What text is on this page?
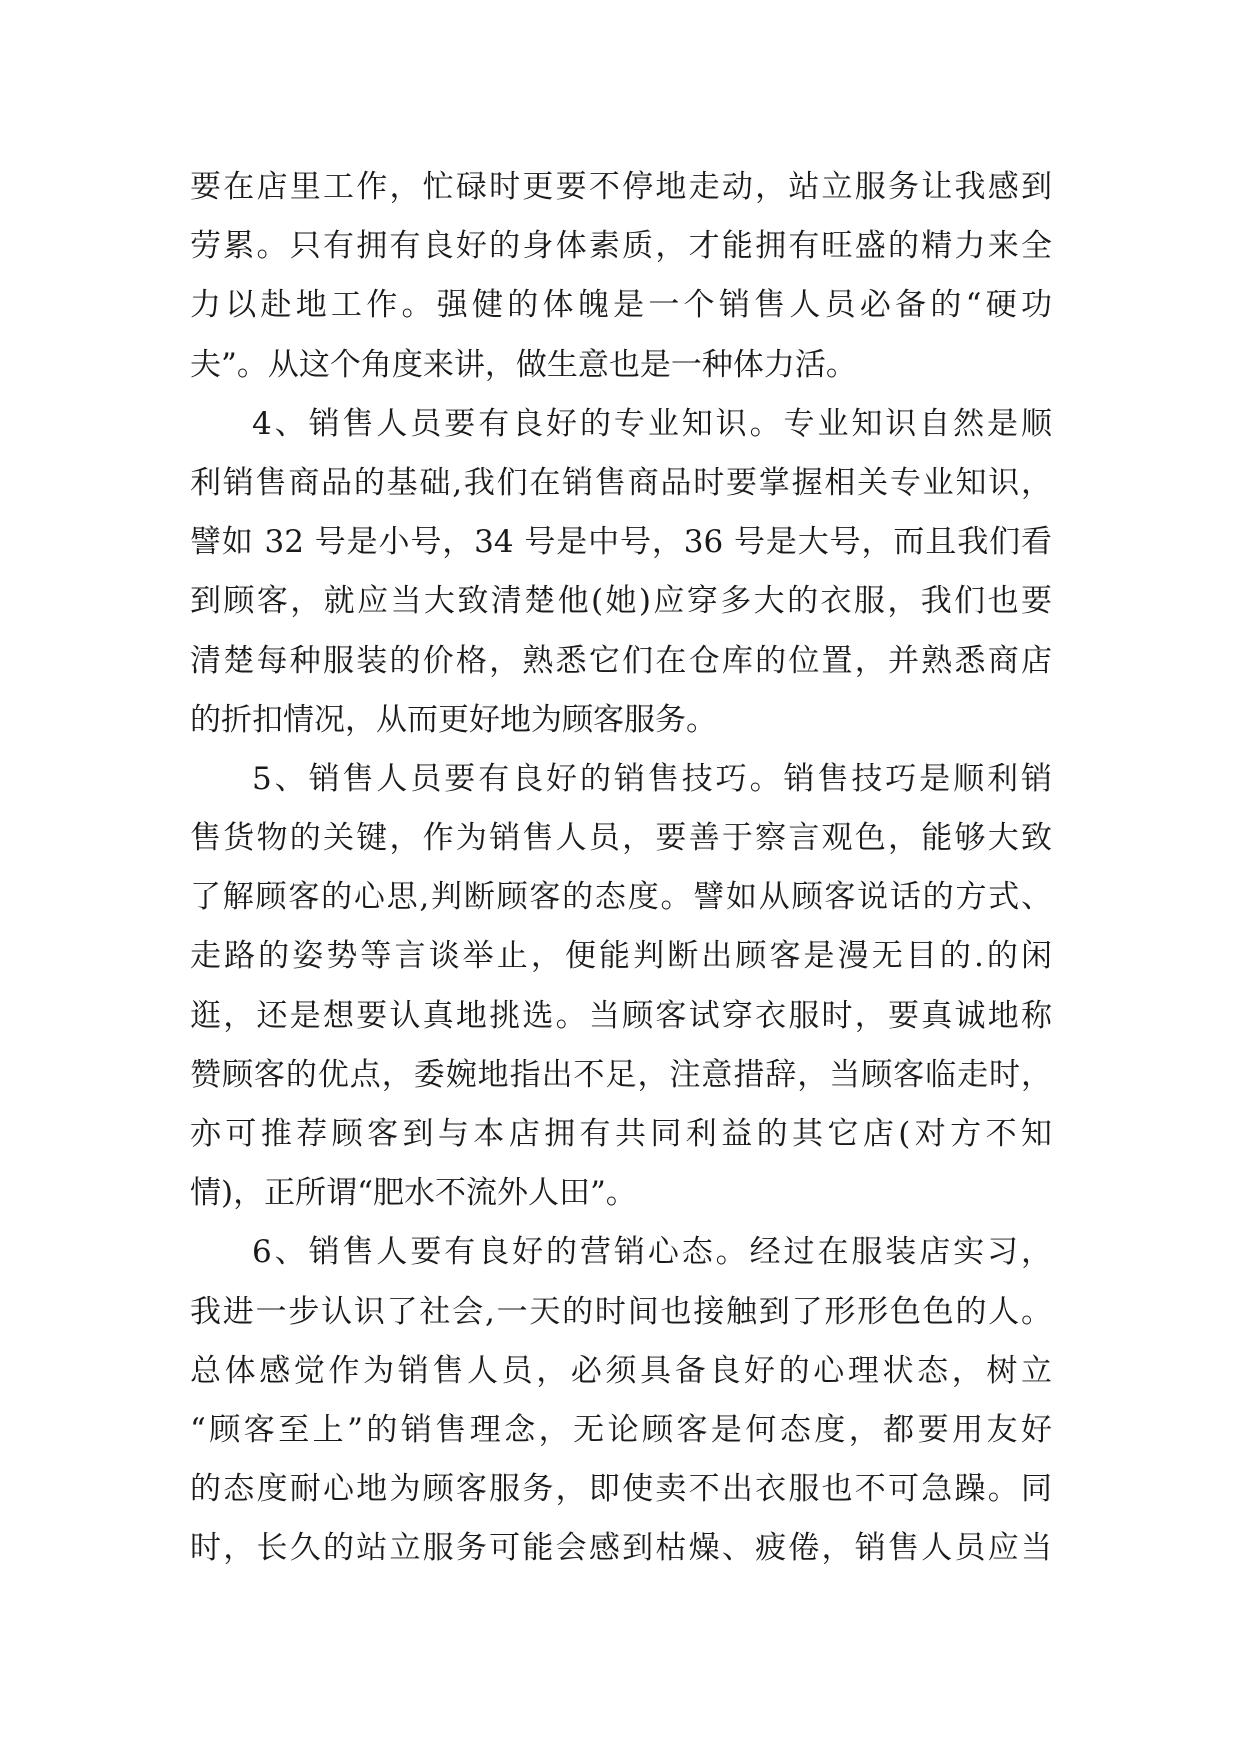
要在店里工作，忙碌时更要不停地走动，站立服务让我感到
劳累。只有拥有良好的身体素质，才能拥有旺盛的精力来全
力以赴地工作。强健的体魄是一个销售人员必备的“硬功
夫”。从这个角度来讲，做生意也是一种体力活。
4、销售人员要有良好的专业知识。专业知识自然是顺
利销售商品的基础,我们在销售商品时要掌握相关专业知识，
譬如 32 号是小号，34 号是中号，36 号是大号，而且我们看
到顾客，就应当大致清楚他(她)应穿多大的衣服，我们也要
清楚每种服装的价格，熟悉它们在仓库的位置，并熟悉商店
的折扣情况，从而更好地为顾客服务。
5、销售人员要有良好的销售技巧。销售技巧是顺利销
售货物的关键，作为销售人员，要善于察言观色，能够大致
了解顾客的心思,判断顾客的态度。譬如从顾客说话的方式、
走路的姿势等言谈举止，便能判断出顾客是漫无目的.的闲
逛，还是想要认真地挑选。当顾客试穿衣服时，要真诚地称
赞顾客的优点，委婉地指出不足，注意措辞，当顾客临走时，
亦可推荐顾客到与本店拥有共同利益的其它店(对方不知
情)，正所谓“肥水不流外人田”。
6、销售人要有良好的营销心态。经过在服装店实习，
我进一步认识了社会,一天的时间也接触到了形形色色的人。
总体感觉作为销售人员，必须具备良好的心理状态，树立
“顾客至上”的销售理念，无论顾客是何态度，都要用友好
的态度耐心地为顾客服务，即使卖不出衣服也不可急躁。同
时，长久的站立服务可能会感到枯燥、疲倦，销售人员应当
